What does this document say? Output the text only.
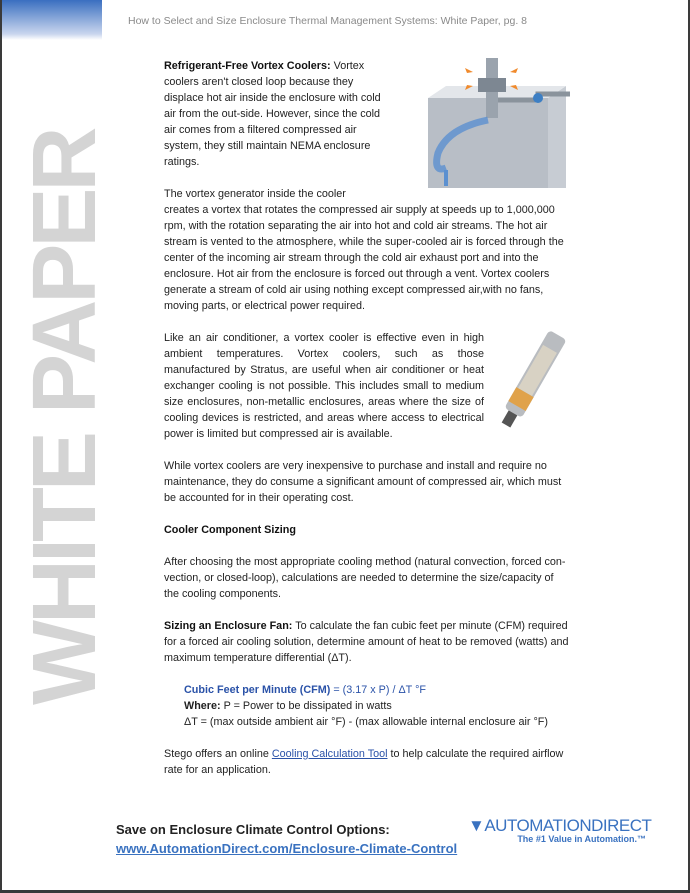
WHITE PAPER
How to Select and Size Enclosure Thermal Management Systems: White Paper, pg. 8

Refrigerant-Free Vortex Coolers: Vortex coolers aren't closed loop because they displace hot air inside the enclosure with cold air from the out-side. However, since the cold air comes from a filtered compressed air system, they still maintain NEMA enclosure ratings.

The vortex generator inside the cooler creates a vortex that rotates the compressed air supply at speeds up to 1,000,000 rpm, with the rotation separating the air into hot and cold air streams. The hot air stream is vented to the atmosphere, while the super-cooled air is forced through the center of the incoming air stream through the cold air exhaust port and into the enclosure. Hot air from the enclosure is forced out through a vent. Vortex coolers generate a stream of cold air using nothing except compressed air,with no fans, moving parts, or electrical power required.

Like an air conditioner, a vortex cooler is effective even in high ambient temperatures. Vortex coolers, such as those manufactured by Stratus, are useful when air conditioner or heat exchanger cooling is not possible. This includes small to medium size enclosures, non-metallic enclosures, areas where the size of cooling devices is restricted, and areas where access to electrical power is limited but compressed air is available.

While vortex coolers are very inexpensive to purchase and install and require no maintenance, they do consume a significant amount of compressed air, which must be accounted for in their operating cost.

Cooler Component Sizing

After choosing the most appropriate cooling method (natural convection, forced con-vection, or closed-loop), calculations are needed to determine the size/capacity of the cooling components.

Sizing an Enclosure Fan: To calculate the fan cubic feet per minute (CFM) required for a forced air cooling solution, determine amount of heat to be removed (watts) and maximum temperature differential (ΔT).

Cubic Feet per Minute (CFM) = (3.17 x P) / ΔT °F
Where: P = Power to be dissipated in watts
ΔT = (max outside ambient air °F) - (max allowable internal enclosure air °F)

Stego offers an online Cooling Calculation Tool to help calculate the required airflow rate for an application.

Save on Enclosure Climate Control Options:
www.AutomationDirect.com/Enclosure-Climate-Control
▼AUTOMATIONDIRECT
The #1 Value in Automation.™
